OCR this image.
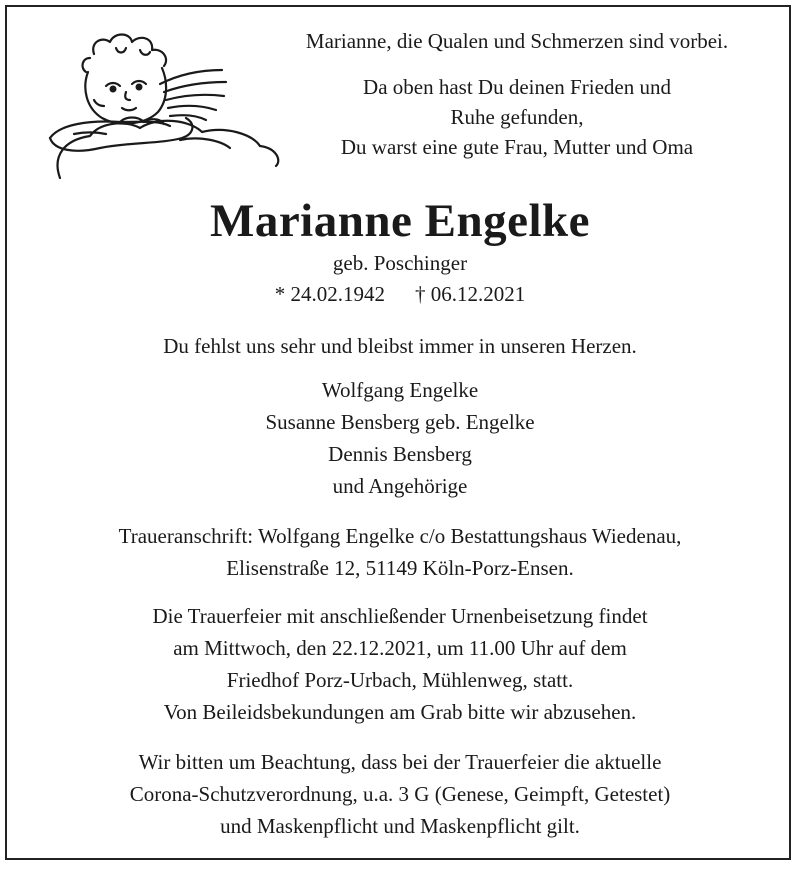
Marianne, die Qualen und Schmerzen sind vorbei.
Da oben hast Du deinen Frieden und
Ruhe gefunden,
Du warst eine gute Frau, Mutter und Oma
Marianne Engelke
geb. Poschinger
* 24.02.1942 † 06.12.2021
Du fehlst uns sehr und bleibst immer in unseren Herzen.
Wolfgang Engelke
Susanne Bensberg geb. Engelke
Dennis Bensberg
und Angehörige
Traueranschrift: Wolfgang Engelke c/o Bestattungshaus Wiedenau,
Elisenstraße 12, 51149 Köln-Porz-Ensen.
Die Trauerfeier mit anschließender Urnenbeisetzung findet
am Mittwoch, den 22.12.2021, um 11.00 Uhr auf dem
Friedhof Porz-Urbach, Mühlenweg, statt.
Von Beileidsbekundungen am Grab bitte wir abzusehen.
Wir bitten um Beachtung, dass bei der Trauerfeier die aktuelle
Corona-Schutzverordnung, u.a. 3 G (Genese, Geimpft, Getestet)
und Maskenpflicht und Maskenpflicht gilt.
